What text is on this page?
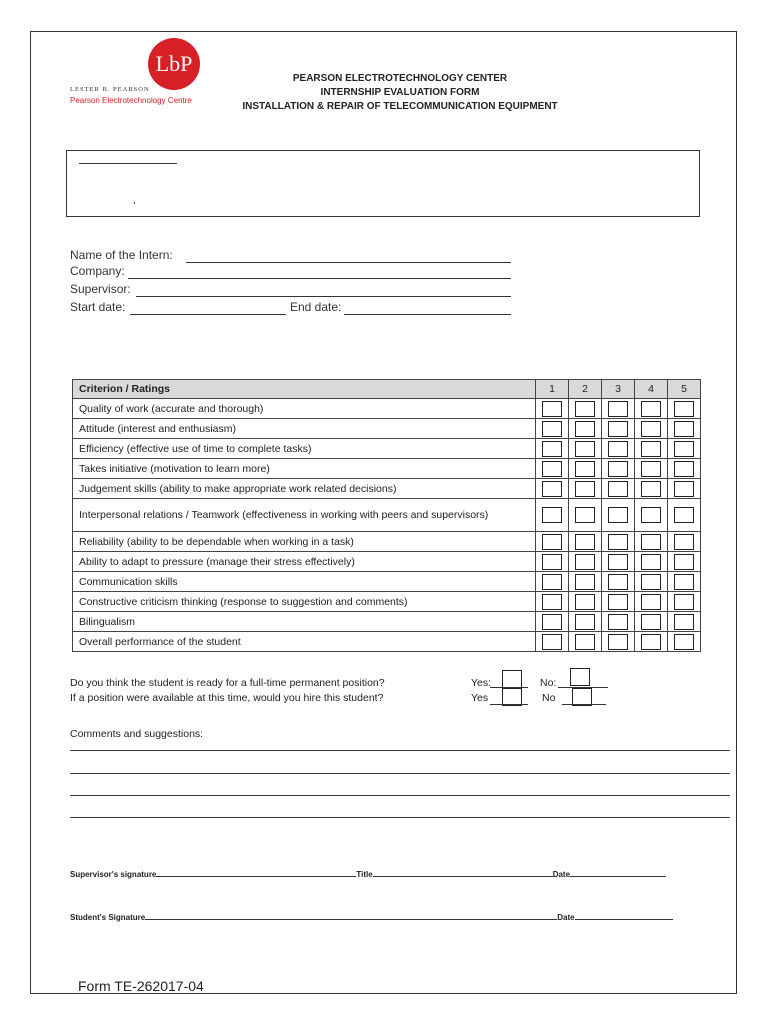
LbP
LESTER B. PEARSON
Pearson Electrotechnology Centre
PEARSON ELECTROTECHNOLOGY CENTER
INTERNSHIP EVALUATION FORM
INSTALLATION & REPAIR OF TELECOMMUNICATION EQUIPMENT
,
Name of the Intern:
Company:
Supervisor:
Start date:	End date:
Criterion / Ratings	1	2	3	4	5
Quality of work (accurate and thorough)					
Attitude (interest and enthusiasm)					
Efficiency (effective use of time to complete tasks)					
Takes initiative (motivation to learn more)					
Judgement skills (ability to make appropriate work related decisions)					
Interpersonal relations / Teamwork (effectiveness in working with peers and supervisors)					
Reliability (ability to be dependable when working in a task)					
Ability to adapt to pressure (manage their stress effectively)					
Communication skills					
Constructive criticism thinking (response to suggestion and comments)					
Bilingualism					
Overall performance of the student					
Do you think the student is ready for a full-time permanent position?	Yes:	No:
If a position were available at this time, would you hire this student?	Yes	No
Comments and suggestions:
Supervisor's signature	Title	Date
Student's Signature	Date
Form TE-262017-04
